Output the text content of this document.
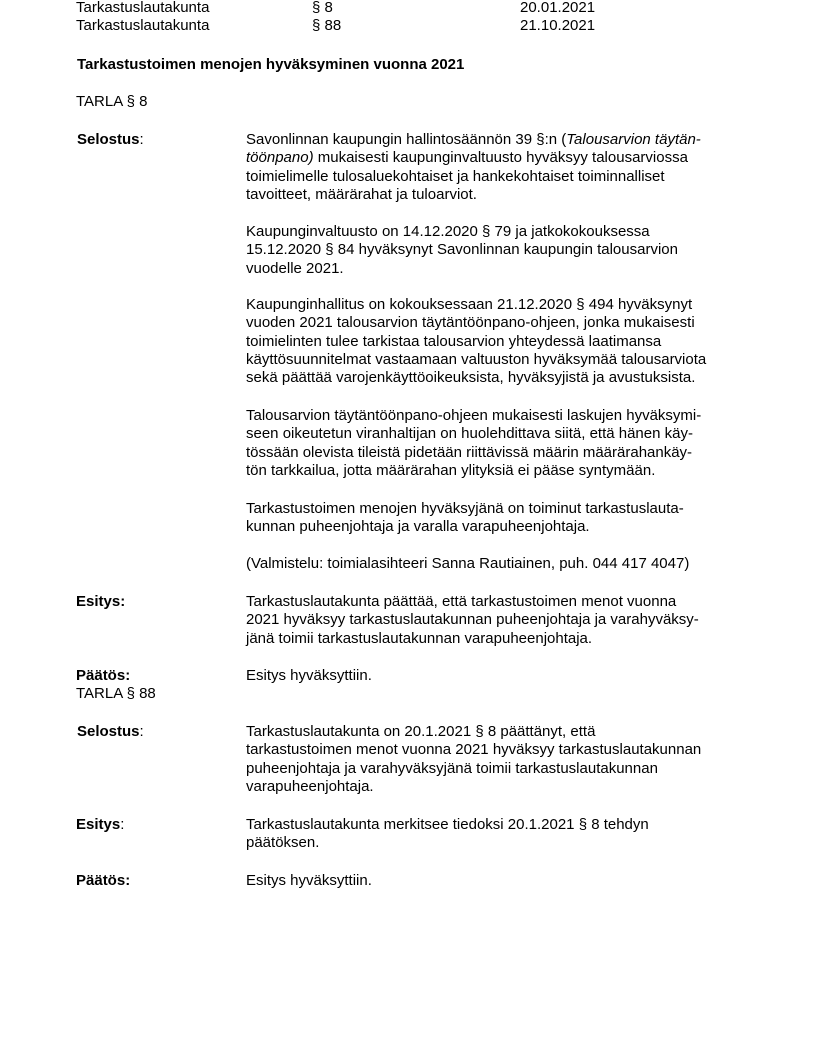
Tarkastuslautakunta	§ 8	20.01.2021
Tarkastuslautakunta	§ 88	21.10.2021
Tarkastustoimen menojen hyväksyminen vuonna 2021
TARLA § 8
Selostus:	Savonlinnan kaupungin hallintosäännön 39 §:n (Talousarvion täytän-
töönpano) mukaisesti kaupunginvaltuusto hyväksyy talousarviossa
toimielimelle tulosaluekohtaiset ja hankekohtaiset toiminnalliset
tavoitteet, määrärahat ja tuloarviot.
Kaupunginvaltuusto on 14.12.2020 § 79 ja jatkokokouksessa
15.12.2020 § 84 hyväksynyt Savonlinnan kaupungin talousarvion
vuodelle 2021.
Kaupunginhallitus on kokouksessaan 21.12.2020 § 494 hyväksynyt
vuoden 2021 talousarvion täytäntöönpano-ohjeen, jonka mukaisesti
toimielinten tulee tarkistaa talousarvion yhteydessä laatimansa
käyttösuunnitelmat vastaamaan valtuuston hyväksymää talousarviota
sekä päättää varojenkäyttöoikeuksista, hyväksyjistä ja avustuksista.
Talousarvion täytäntöönpano-ohjeen mukaisesti laskujen hyväksymi-
seen oikeutetun viranhaltijan on huolehdittava siitä, että hänen käy-
tössään olevista tileistä pidetään riittävissä määrin määrärahankäy-
tön tarkkailua, jotta määrärahan ylityksiä ei pääse syntymään.
Tarkastustoimen menojen hyväksyjänä on toiminut tarkastuslauta-
kunnan puheenjohtaja ja varalla varapuheenjohtaja.
(Valmistelu: toimialasihteeri Sanna Rautiainen, puh. 044 417 4047)
Esitys:	Tarkastuslautakunta päättää, että tarkastustoimen menot vuonna
2021 hyväksyy tarkastuslautakunnan puheenjohtaja ja varahyväksy-
jänä toimii tarkastuslautakunnan varapuheenjohtaja.
Päätös:	Esitys hyväksyttiin.
TARLA § 88
Selostus:	Tarkastuslautakunta on 20.1.2021 § 8 päättänyt, että
tarkastustoimen menot vuonna 2021 hyväksyy tarkastuslautakunnan
puheenjohtaja ja varahyväksyjänä toimii tarkastuslautakunnan
varapuheenjohtaja.
Esitys:	Tarkastuslautakunta merkitsee tiedoksi 20.1.2021 § 8 tehdyn
päätöksen.
Päätös:	Esitys hyväksyttiin.
